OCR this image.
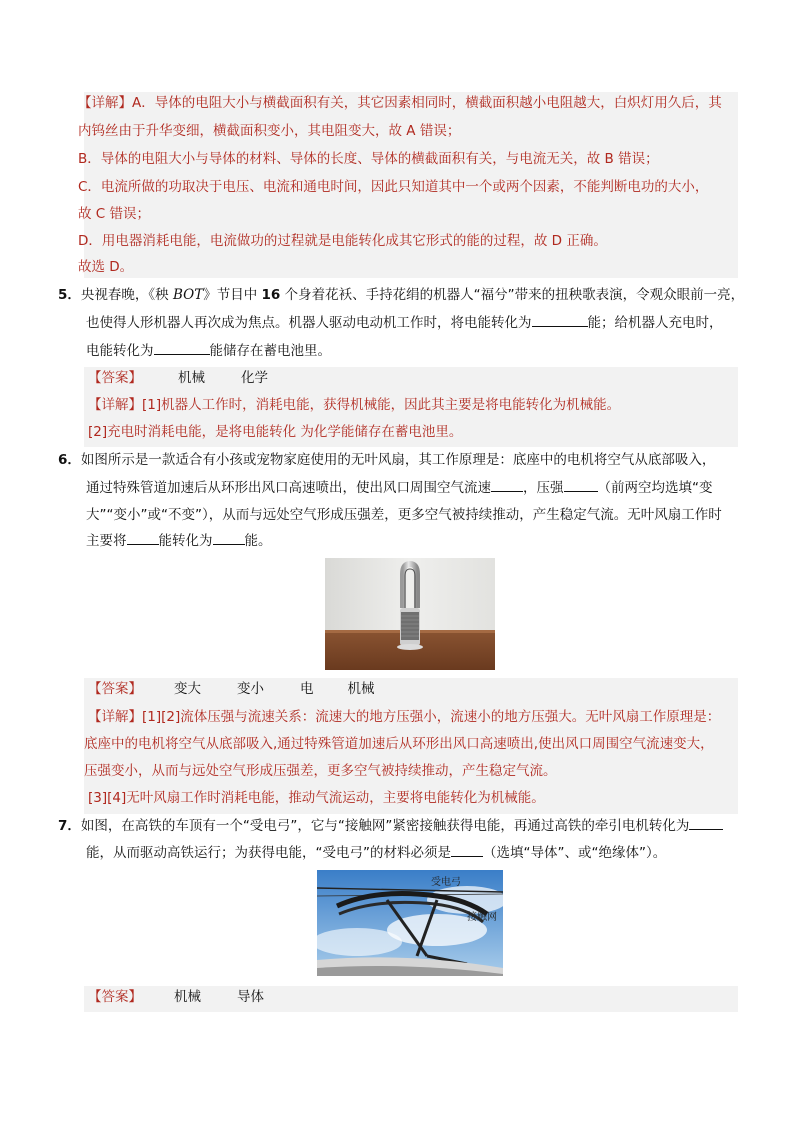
【详解】A．导体的电阻大小与横截面积有关，其它因素相同时，横截面积越小电阻越大，白炽灯用久后，其
内钨丝由于升华变细，横截面积变小，其电阻变大，故 A 错误；
B．导体的电阻大小与导体的材料、导体的长度、导体的横截面积有关，与电流无关，故 B 错误；
C．电流所做的功取决于电压、电流和通电时间，因此只知道其中一个或两个因素，不能判断电功的大小，
故 C 错误；
D．用电器消耗电能，电流做功的过程就是电能转化成其它形式的能的过程，故 D 正确。
故选 D。
5．央视春晚，《秧 BOT》节目中 16 个身着花袄、手持花绢的机器人“福兮”带来的扭秧歌表演，令观众眼前一亮，
也使得人形机器人再次成为焦点。机器人驱动电动机工作时，将电能转化为	能；给机器人充电时，
电能转化为	能储存在蓄电池里。
【答案】	机械	化学
【详解】[1]机器人工作时，消耗电能，获得机械能，因此其主要是将电能转化为机械能。
[2]充电时消耗电能，是将电能转化 为化学能储存在蓄电池里。
6．如图所示是一款适合有小孩或宠物家庭使用的无叶风扇，其工作原理是：底座中的电机将空气从底部吸入，
通过特殊管道加速后从环形出风口高速喷出，使出风口周围空气流速 ，压强	（前两空均选填“变
大”“变小”或“不变”），从而与远处空气形成压强差，更多空气被持续推动，产生稳定气流。无叶风扇工作时
主要将 能转化为 能。
【答案】 变大	变小	电	机械
【详解】[1][2]流体压强与流速关系：流速大的地方压强小，流速小的地方压强大。无叶风扇工作原理是：
底座中的电机将空气从底部吸入,通过特殊管道加速后从环形出风口高速喷出,使出风口周围空气流速变大，
压强变小，从而与远处空气形成压强差，更多空气被持续推动，产生稳定气流。
[3][4]无叶风扇工作时消耗电能，推动气流运动，主要将电能转化为机械能。
7．如图，在高铁的车顶有一个“受电弓”，它与“接触网”紧密接触获得电能，再通过高铁的牵引电机转化为
能，从而驱动高铁运行；为获得电能，“受电弓”的材料必须是 （选填“导体”、或“绝缘体”）。
受电弓
接触网
【答案】 机械	导体
